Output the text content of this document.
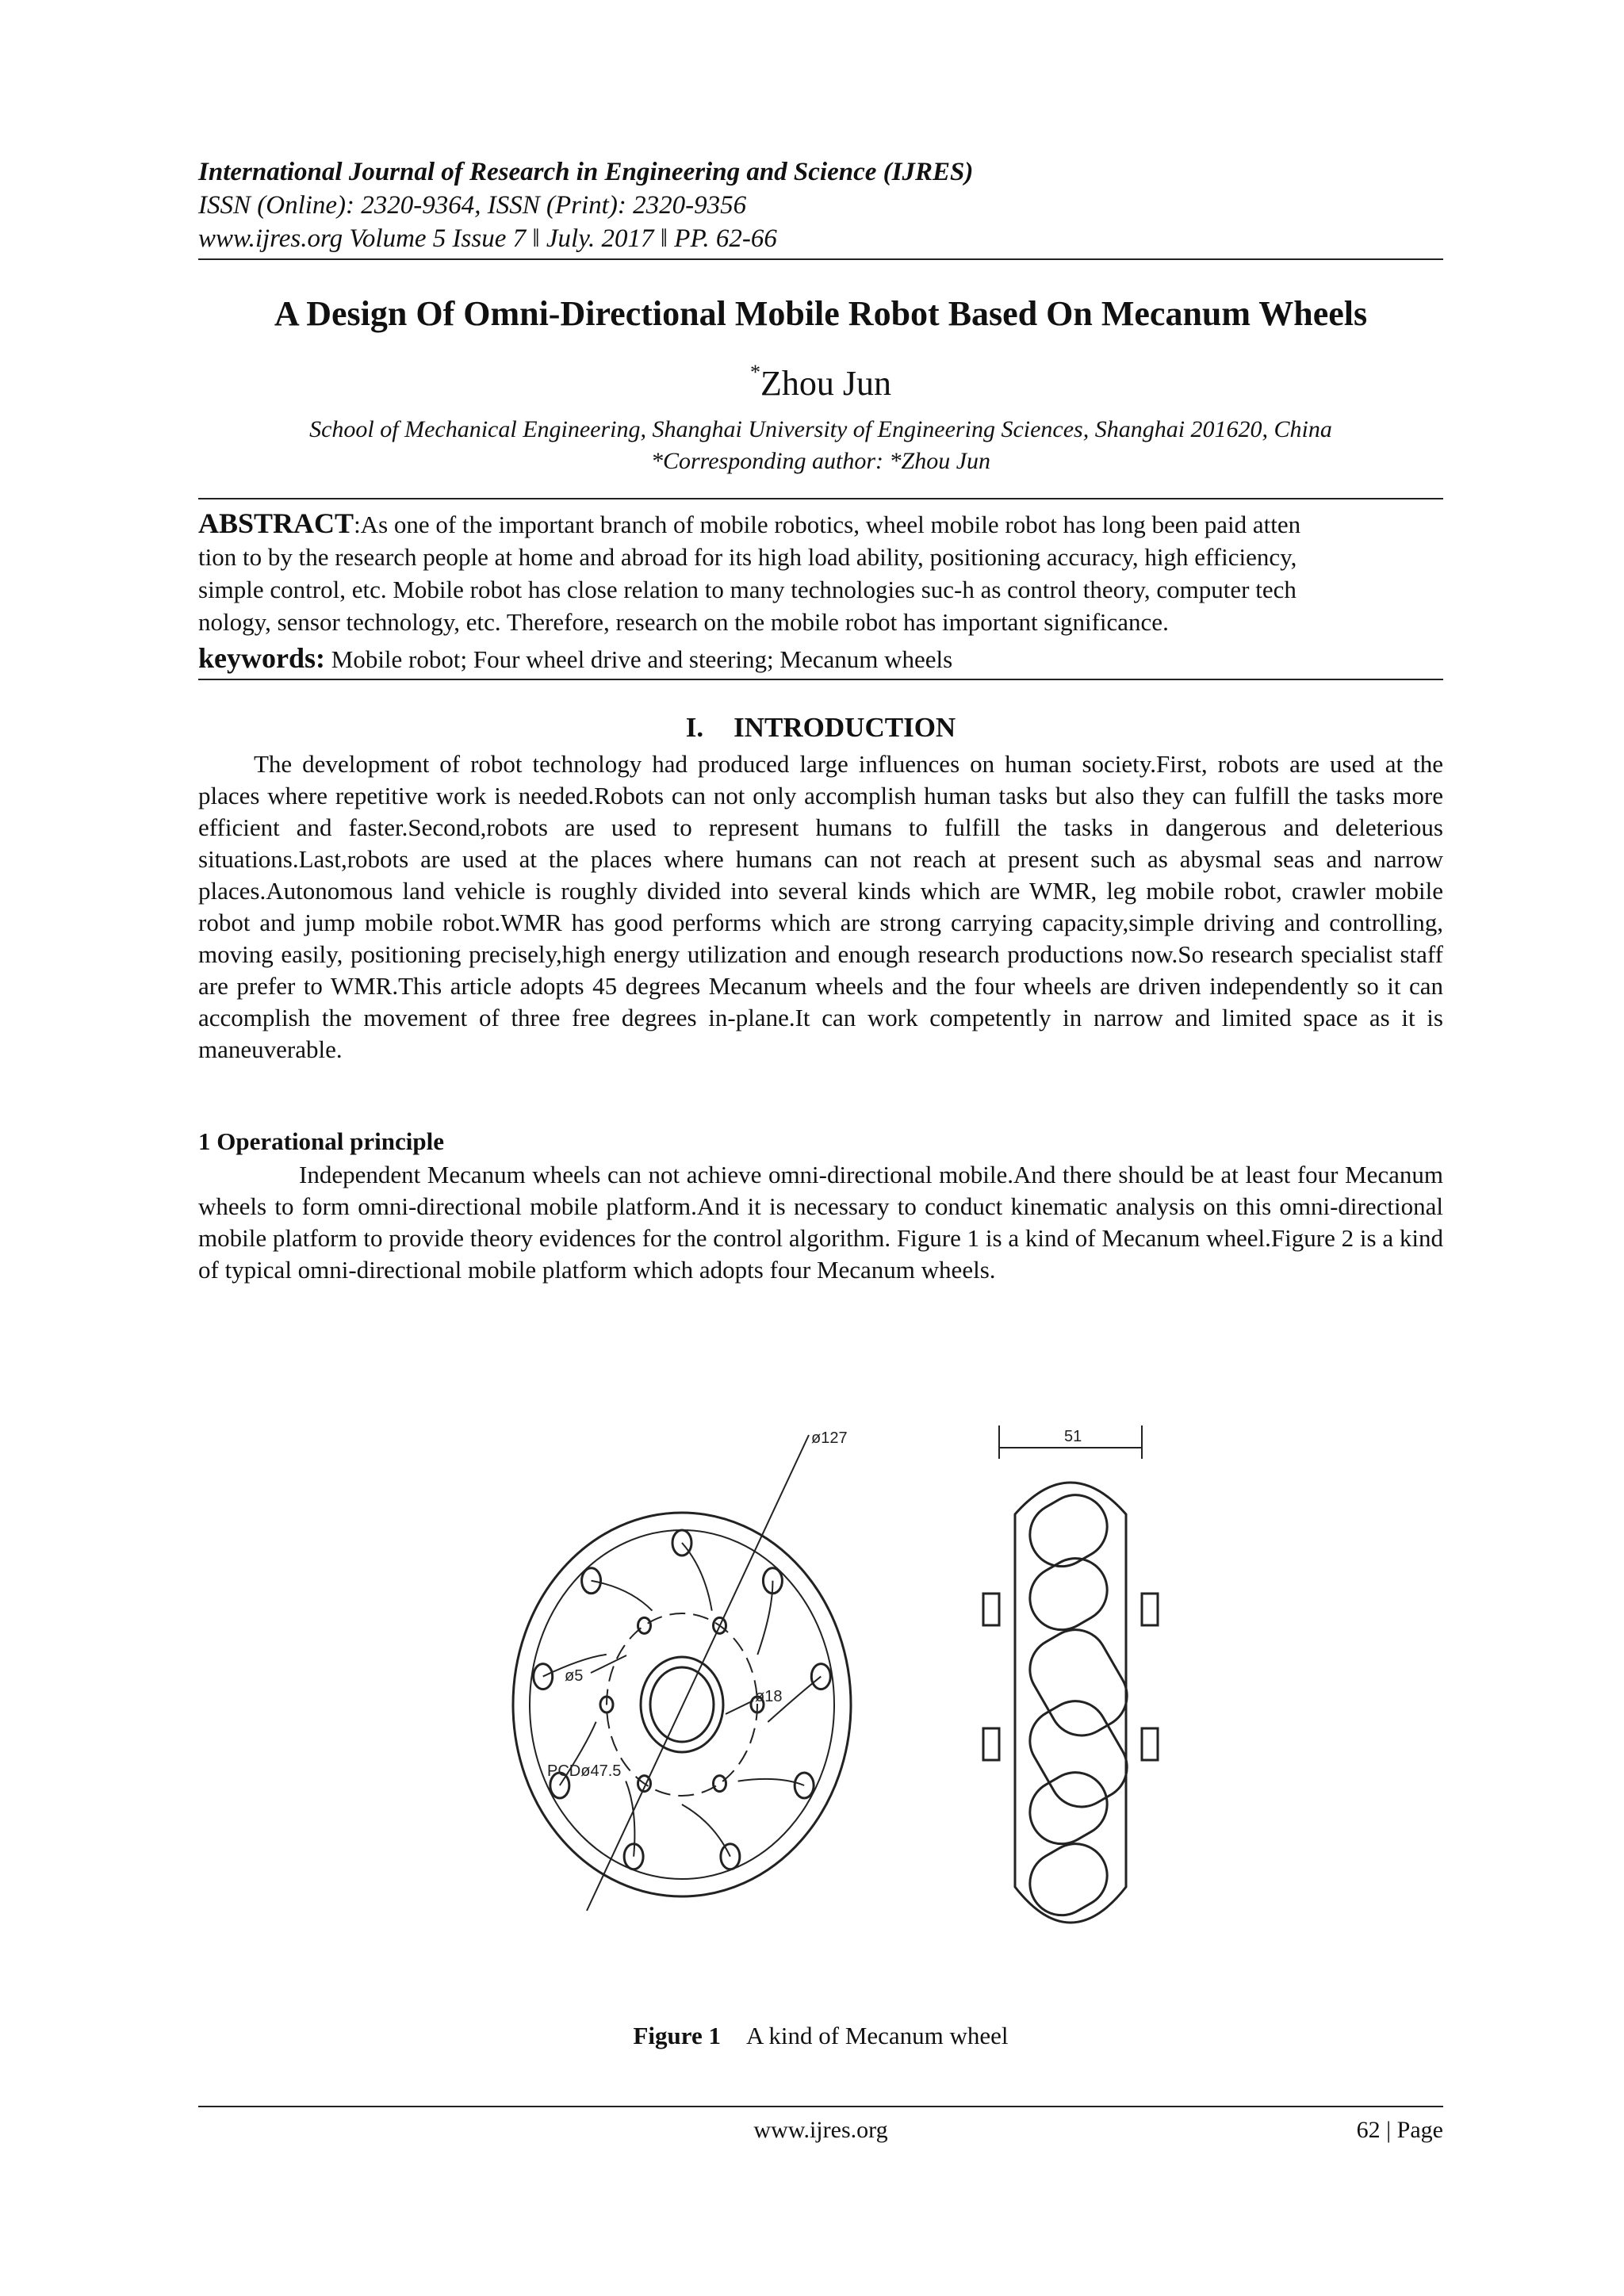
International Journal of Research in Engineering and Science (IJRES)
ISSN (Online): 2320-9364, ISSN (Print): 2320-9356
www.ijres.org Volume 5 Issue 7 ǁ July. 2017 ǁ PP. 62-66
A Design Of Omni-Directional Mobile Robot Based On Mecanum Wheels
*Zhou Jun
School of Mechanical Engineering, Shanghai University of Engineering Sciences, Shanghai 201620, China
*Corresponding author: *Zhou Jun
ABSTRACT:As one of the important branch of mobile robotics, wheel mobile robot has long been paid atten
tion to by the research people at home and abroad for its high load ability, positioning accuracy, high efficiency,
simple control, etc. Mobile robot has close relation to many technologies suc-h as control theory, computer tech
nology, sensor technology, etc. Therefore, research on the mobile robot has important significance.
keywords: Mobile robot; Four wheel drive and steering; Mecanum wheels
I. INTRODUCTION
The development of robot technology had produced large influences on human society.First, robots are used at the places where repetitive work is needed.Robots can not only accomplish human tasks but also they can fulfill the tasks more efficient and faster.Second,robots are used to represent humans to fulfill the tasks in dangerous and deleterious situations.Last,robots are used at the places where humans can not reach at present such as abysmal seas and narrow places.Autonomous land vehicle is roughly divided into several kinds which are WMR, leg mobile robot, crawler mobile robot and jump mobile robot.WMR has good performs which are strong carrying capacity,simple driving and controlling, moving easily, positioning precisely,high energy utilization and enough research productions now.So research specialist staff are prefer to WMR.This article adopts 45 degrees Mecanum wheels and the four wheels are driven independently so it can accomplish the movement of three free degrees in-plane.It can work competently in narrow and limited space as it is maneuverable.
1 Operational principle
Independent Mecanum wheels can not achieve omni-directional mobile.And there should be at least four Mecanum wheels to form omni-directional mobile platform.And it is necessary to conduct kinematic analysis on this omni-directional mobile platform to provide theory evidences for the control algorithm. Figure 1 is a kind of Mecanum wheel.Figure 2 is a kind of typical omni-directional mobile platform which adopts four Mecanum wheels.
ø127
ø5
ø18
PCDø47.5
51
Figure 1 A kind of Mecanum wheel
www.ijres.org	62 | Page
